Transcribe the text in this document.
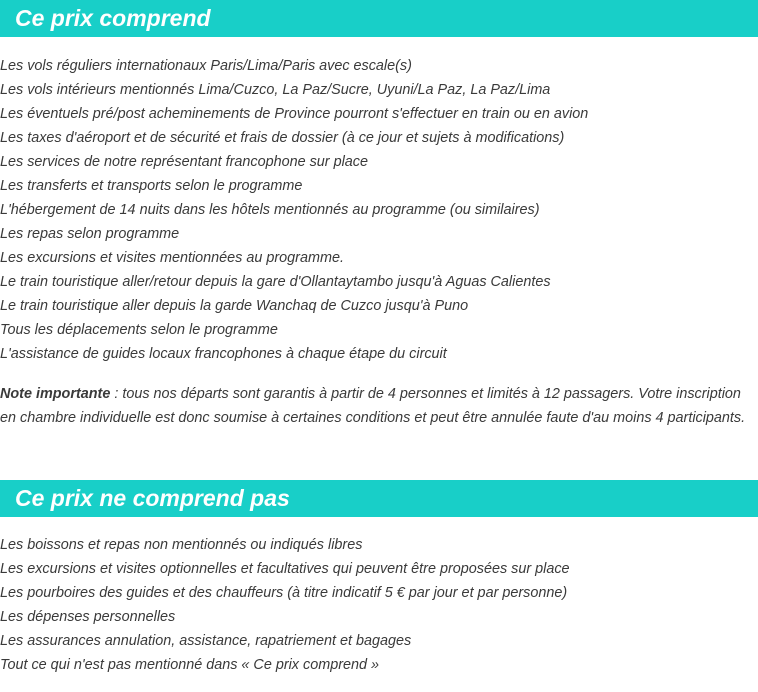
Ce prix comprend
Les vols réguliers internationaux Paris/Lima/Paris avec escale(s)
Les vols intérieurs mentionnés Lima/Cuzco, La Paz/Sucre, Uyuni/La Paz, La Paz/Lima
Les éventuels pré/post acheminements de Province pourront s'effectuer en train ou en avion
Les taxes d'aéroport et de sécurité et frais de dossier (à ce jour et sujets à modifications)
Les services de notre représentant francophone sur place
Les transferts et transports selon le programme
L'hébergement de 14 nuits dans les hôtels mentionnés au programme (ou similaires)
Les repas selon programme
Les excursions et visites mentionnées au programme.
Le train touristique aller/retour depuis la gare d'Ollantaytambo jusqu'à Aguas Calientes
Le train touristique aller depuis la garde Wanchaq de Cuzco jusqu'à Puno
Tous les déplacements selon le programme
L'assistance de guides locaux francophones à chaque étape du circuit

Note importante : tous nos départs sont garantis à partir de 4 personnes et limités à 12 passagers. Votre inscription en chambre individuelle est donc soumise à certaines conditions et peut être annulée faute d'au moins 4 participants.

Ce prix ne comprend pas
Les boissons et repas non mentionnés ou indiqués libres
Les excursions et visites optionnelles et facultatives qui peuvent être proposées sur place
Les pourboires des guides et des chauffeurs (à titre indicatif 5 € par jour et par personne)
Les dépenses personnelles
Les assurances annulation, assistance, rapatriement et bagages
Tout ce qui n'est pas mentionné dans « Ce prix comprend »
